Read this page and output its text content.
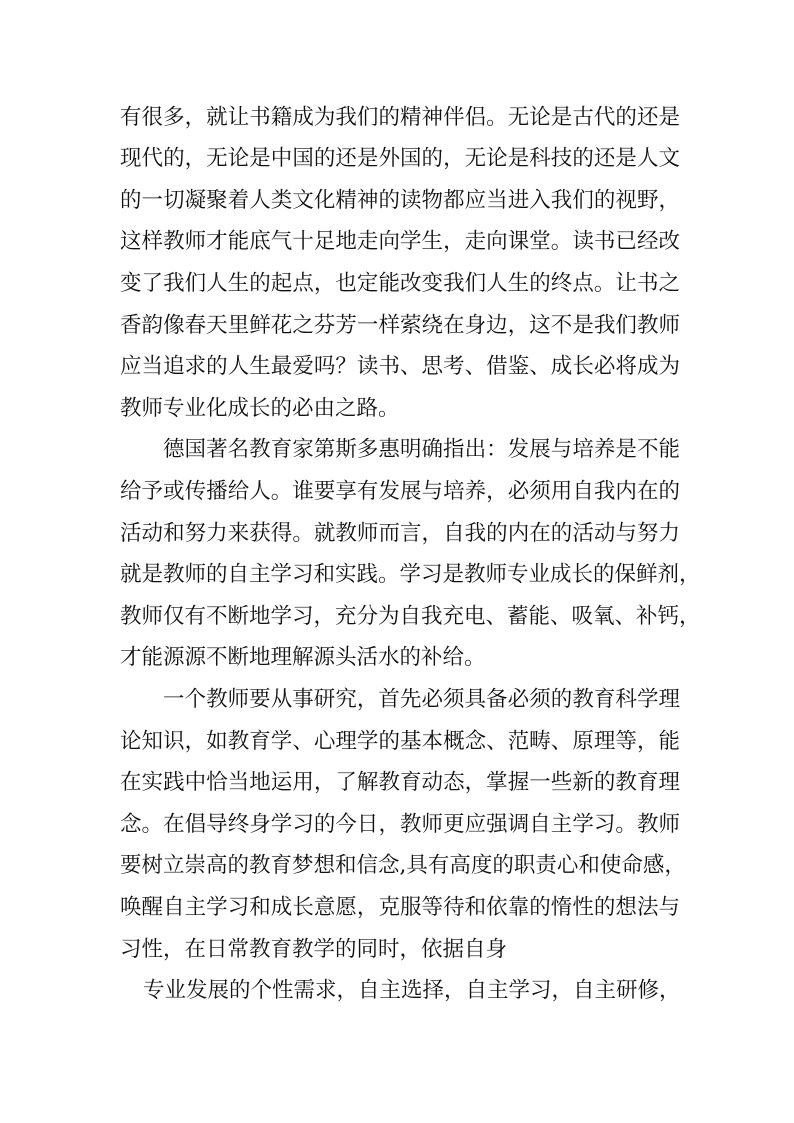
有很多，就让书籍成为我们的精神伴侣。无论是古代的还是
现代的，无论是中国的还是外国的，无论是科技的还是人文
的一切凝聚着人类文化精神的读物都应当进入我们的视野，
这样教师才能底气十足地走向学生，走向课堂。读书已经改
变了我们人生的起点，也定能改变我们人生的终点。让书之
香韵像春天里鲜花之芬芳一样萦绕在身边，这不是我们教师
应当追求的人生最爱吗？读书、思考、借鉴、成长必将成为
教师专业化成长的必由之路。
德国著名教育家第斯多惠明确指出：发展与培养是不能
给予或传播给人。谁要享有发展与培养，必须用自我内在的
活动和努力来获得。就教师而言，自我的内在的活动与努力
就是教师的自主学习和实践。学习是教师专业成长的保鲜剂，
教师仅有不断地学习，充分为自我充电、蓄能、吸氧、补钙，
才能源源不断地理解源头活水的补给。
一个教师要从事研究，首先必须具备必须的教育科学理
论知识，如教育学、心理学的基本概念、范畴、原理等，能
在实践中恰当地运用，了解教育动态，掌握一些新的教育理
念。在倡导终身学习的今日，教师更应强调自主学习。教师
要树立崇高的教育梦想和信念,具有高度的职责心和使命感，
唤醒自主学习和成长意愿，克服等待和依靠的惰性的想法与
习性，在日常教育教学的同时，依据自身
专业发展的个性需求，自主选择，自主学习，自主研修，
